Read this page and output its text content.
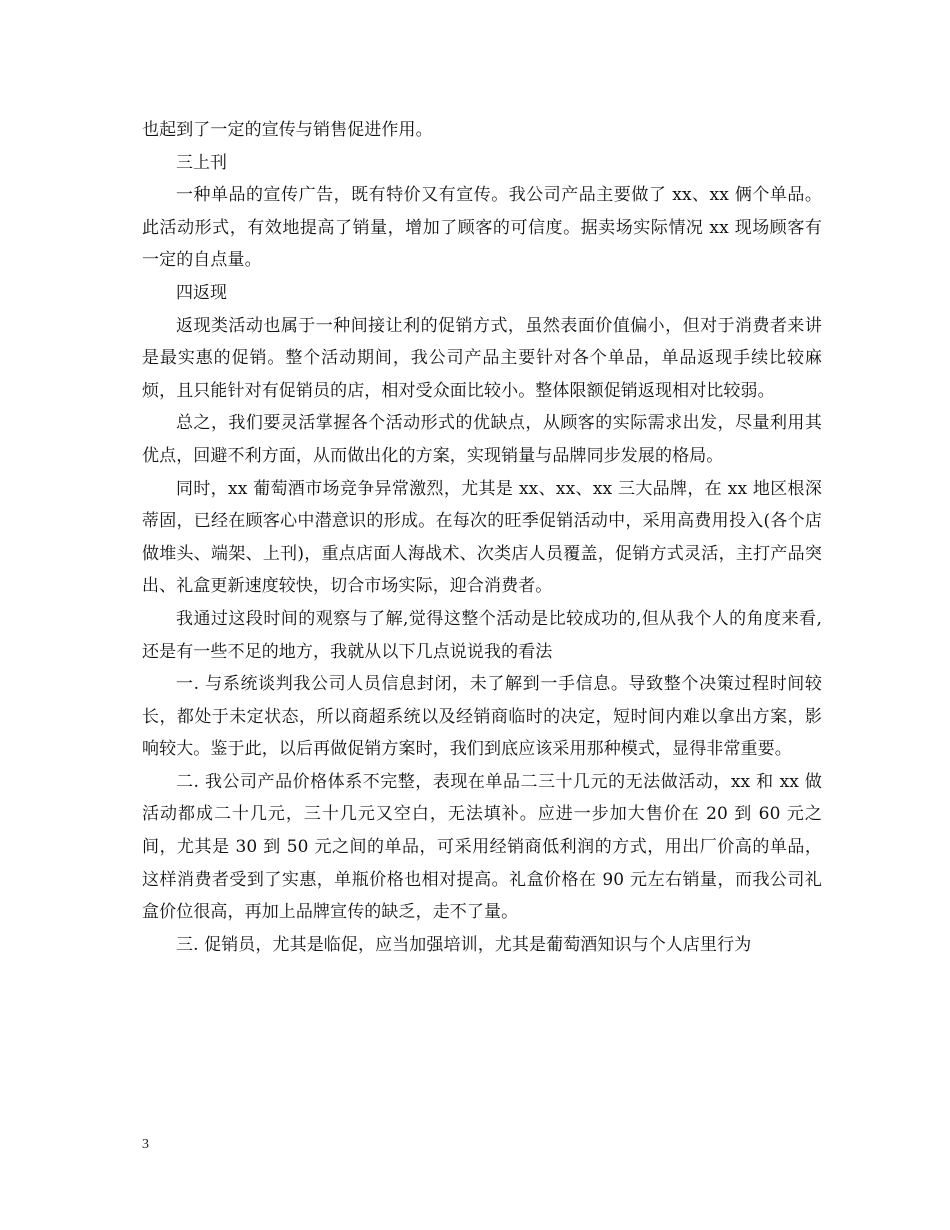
也起到了一定的宣传与销售促进作用。

三上刊

一种单品的宣传广告，既有特价又有宣传。我公司产品主要做了 xx、xx 俩个单品。此活动形式，有效地提高了销量，增加了顾客的可信度。据卖场实际情况 xx 现场顾客有一定的自点量。

四返现

返现类活动也属于一种间接让利的促销方式，虽然表面价值偏小，但对于消费者来讲是最实惠的促销。整个活动期间，我公司产品主要针对各个单品，单品返现手续比较麻烦，且只能针对有促销员的店，相对受众面比较小。整体限额促销返现相对比较弱。

总之，我们要灵活掌握各个活动形式的优缺点，从顾客的实际需求出发，尽量利用其优点，回避不利方面，从而做出化的方案，实现销量与品牌同步发展的格局。

同时，xx 葡萄酒市场竞争异常激烈，尤其是 xx、xx、xx 三大品牌，在 xx 地区根深蒂固，已经在顾客心中潜意识的形成。在每次的旺季促销活动中，采用高费用投入(各个店做堆头、端架、上刊)，重点店面人海战术、次类店人员覆盖，促销方式灵活，主打产品突出、礼盒更新速度较快，切合市场实际，迎合消费者。

我通过这段时间的观察与了解,觉得这整个活动是比较成功的,但从我个人的角度来看,还是有一些不足的地方，我就从以下几点说说我的看法

一. 与系统谈判我公司人员信息封闭，未了解到一手信息。导致整个决策过程时间较长，都处于未定状态，所以商超系统以及经销商临时的决定，短时间内难以拿出方案，影响较大。鉴于此，以后再做促销方案时，我们到底应该采用那种模式，显得非常重要。

二. 我公司产品价格体系不完整，表现在单品二三十几元的无法做活动，xx 和 xx 做活动都成二十几元，三十几元又空白，无法填补。应进一步加大售价在 20 到 60 元之间，尤其是 30 到 50 元之间的单品，可采用经销商低利润的方式，用出厂价高的单品，这样消费者受到了实惠，单瓶价格也相对提高。礼盒价格在 90 元左右销量，而我公司礼盒价位很高，再加上品牌宣传的缺乏，走不了量。

三. 促销员，尤其是临促，应当加强培训，尤其是葡萄酒知识与个人店里行为

3
